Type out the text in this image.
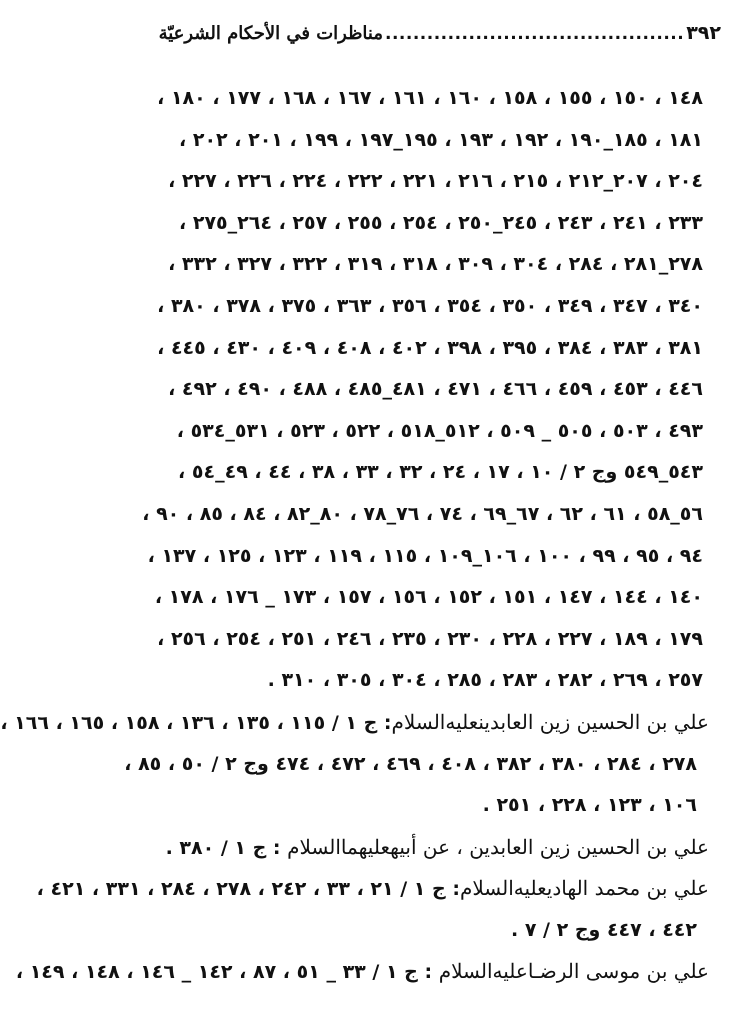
٣٩٢
...........................................
مناظرات في الأحكام الشرعيّة
١٤٨ ، ١٥٠ ، ١٥٥ ، ١٥٨ ، ١٦٠ ، ١٦١ ، ١٦٧ ، ١٦٨ ، ١٧٧ ، ١٨٠ ،
١٨١ ، ١٨٥_١٩٠ ، ١٩٢ ، ١٩٣ ، ١٩٥_١٩٧ ، ١٩٩ ، ٢٠١ ، ٢٠٢ ،
٢٠٤ ، ٢٠٧_٢١٢ ، ٢١٥ ، ٢١٦ ، ٢٢١ ، ٢٢٢ ، ٢٢٤ ، ٢٢٦ ، ٢٢٧ ،
٢٣٣ ، ٢٤١ ، ٢٤٣ ، ٢٤٥_٢٥٠ ، ٢٥٤ ، ٢٥٥ ، ٢٥٧ ، ٢٦٤_٢٧٥ ،
٢٧٨_٢٨١ ، ٢٨٤ ، ٣٠٤ ، ٣٠٩ ، ٣١٨ ، ٣١٩ ، ٣٢٢ ، ٣٢٧ ، ٣٣٢ ،
٣٤٠ ، ٣٤٧ ، ٣٤٩ ، ٣٥٠ ، ٣٥٤ ، ٣٥٦ ، ٣٦٣ ، ٣٧٥ ، ٣٧٨ ، ٣٨٠ ،
٣٨١ ، ٣٨٣ ، ٣٨٤ ، ٣٩٥ ، ٣٩٨ ، ٤٠٢ ، ٤٠٨ ، ٤٠٩ ، ٤٣٠ ، ٤٤٥ ،
٤٤٦ ، ٤٥٣ ، ٤٥٩ ، ٤٦٦ ، ٤٧١ ، ٤٨١_٤٨٥ ، ٤٨٨ ، ٤٩٠ ، ٤٩٢ ،
٤٩٣ ، ٥٠٣ ، ٥٠٥ _ ٥٠٩ ، ٥١٢_٥١٨ ، ٥٢٢ ، ٥٢٣ ، ٥٣١_٥٣٤ ،
٥٤٣_٥٤٩ وج ٢ / ١٠ ، ١٧ ، ٢٤ ، ٣٢ ، ٣٣ ، ٣٨ ، ٤٤ ، ٤٩_٥٤ ،
٥٦_٥٨ ، ٦١ ، ٦٢ ، ٦٧_٦٩ ، ٧٤ ، ٧٦_٧٨ ، ٨٠_٨٢ ، ٨٤ ، ٨٥ ، ٩٠ ،
٩٤ ، ٩٥ ، ٩٩ ، ١٠٠ ، ١٠٦_١٠٩ ، ١١٥ ، ١١٩ ، ١٢٣ ، ١٢٥ ، ١٣٧ ،
١٤٠ ، ١٤٤ ، ١٤٧ ، ١٥١ ، ١٥٢ ، ١٥٦ ، ١٥٧ ، ١٧٣ _ ١٧٦ ، ١٧٨ ،
١٧٩ ، ١٨٩ ، ٢٢٧ ، ٢٢٨ ، ٢٣٠ ، ٢٣٥ ، ٢٤٦ ، ٢٥١ ، ٢٥٤ ، ٢٥٦ ،
٢٥٧ ، ٢٦٩ ، ٢٨٢ ، ٢٨٣ ، ٢٨٥ ، ٣٠٤ ، ٣٠٥ ، ٣١٠ .
علي بن الحسين زين العابدينعليه‌السلام: ج ١ / ١١٥ ، ١٣٥ ، ١٣٦ ، ١٥٨ ، ١٦٥ ، ١٦٦ ،
٢٧٨ ، ٢٨٤ ، ٣٨٠ ، ٣٨٢ ، ٤٠٨ ، ٤٦٩ ، ٤٧٢ ، ٤٧٤ وج ٢ / ٥٠ ، ٨٥ ،
١٠٦ ، ١٢٣ ، ٢٢٨ ، ٢٥١ .
علي بن الحسين زين العابدين ، عن أبيهعليهما‌السلام : ج ١ / ٣٨٠ .
علي بن محمد الهاديعليه‌السلام: ج ١ / ٢١ ، ٣٣ ، ٢٤٢ ، ٢٧٨ ، ٢٨٤ ، ٣٣١ ، ٤٢١ ،
٤٤٢ ، ٤٤٧ وج ٢ / ٧ .
علي بن موسى الرضـاعليه‌السلام : ج ١ / ٣٣ _ ٥١ ، ٨٧ ، ١٤٢ _ ١٤٦ ، ١٤٨ ، ١٤٩ ،
